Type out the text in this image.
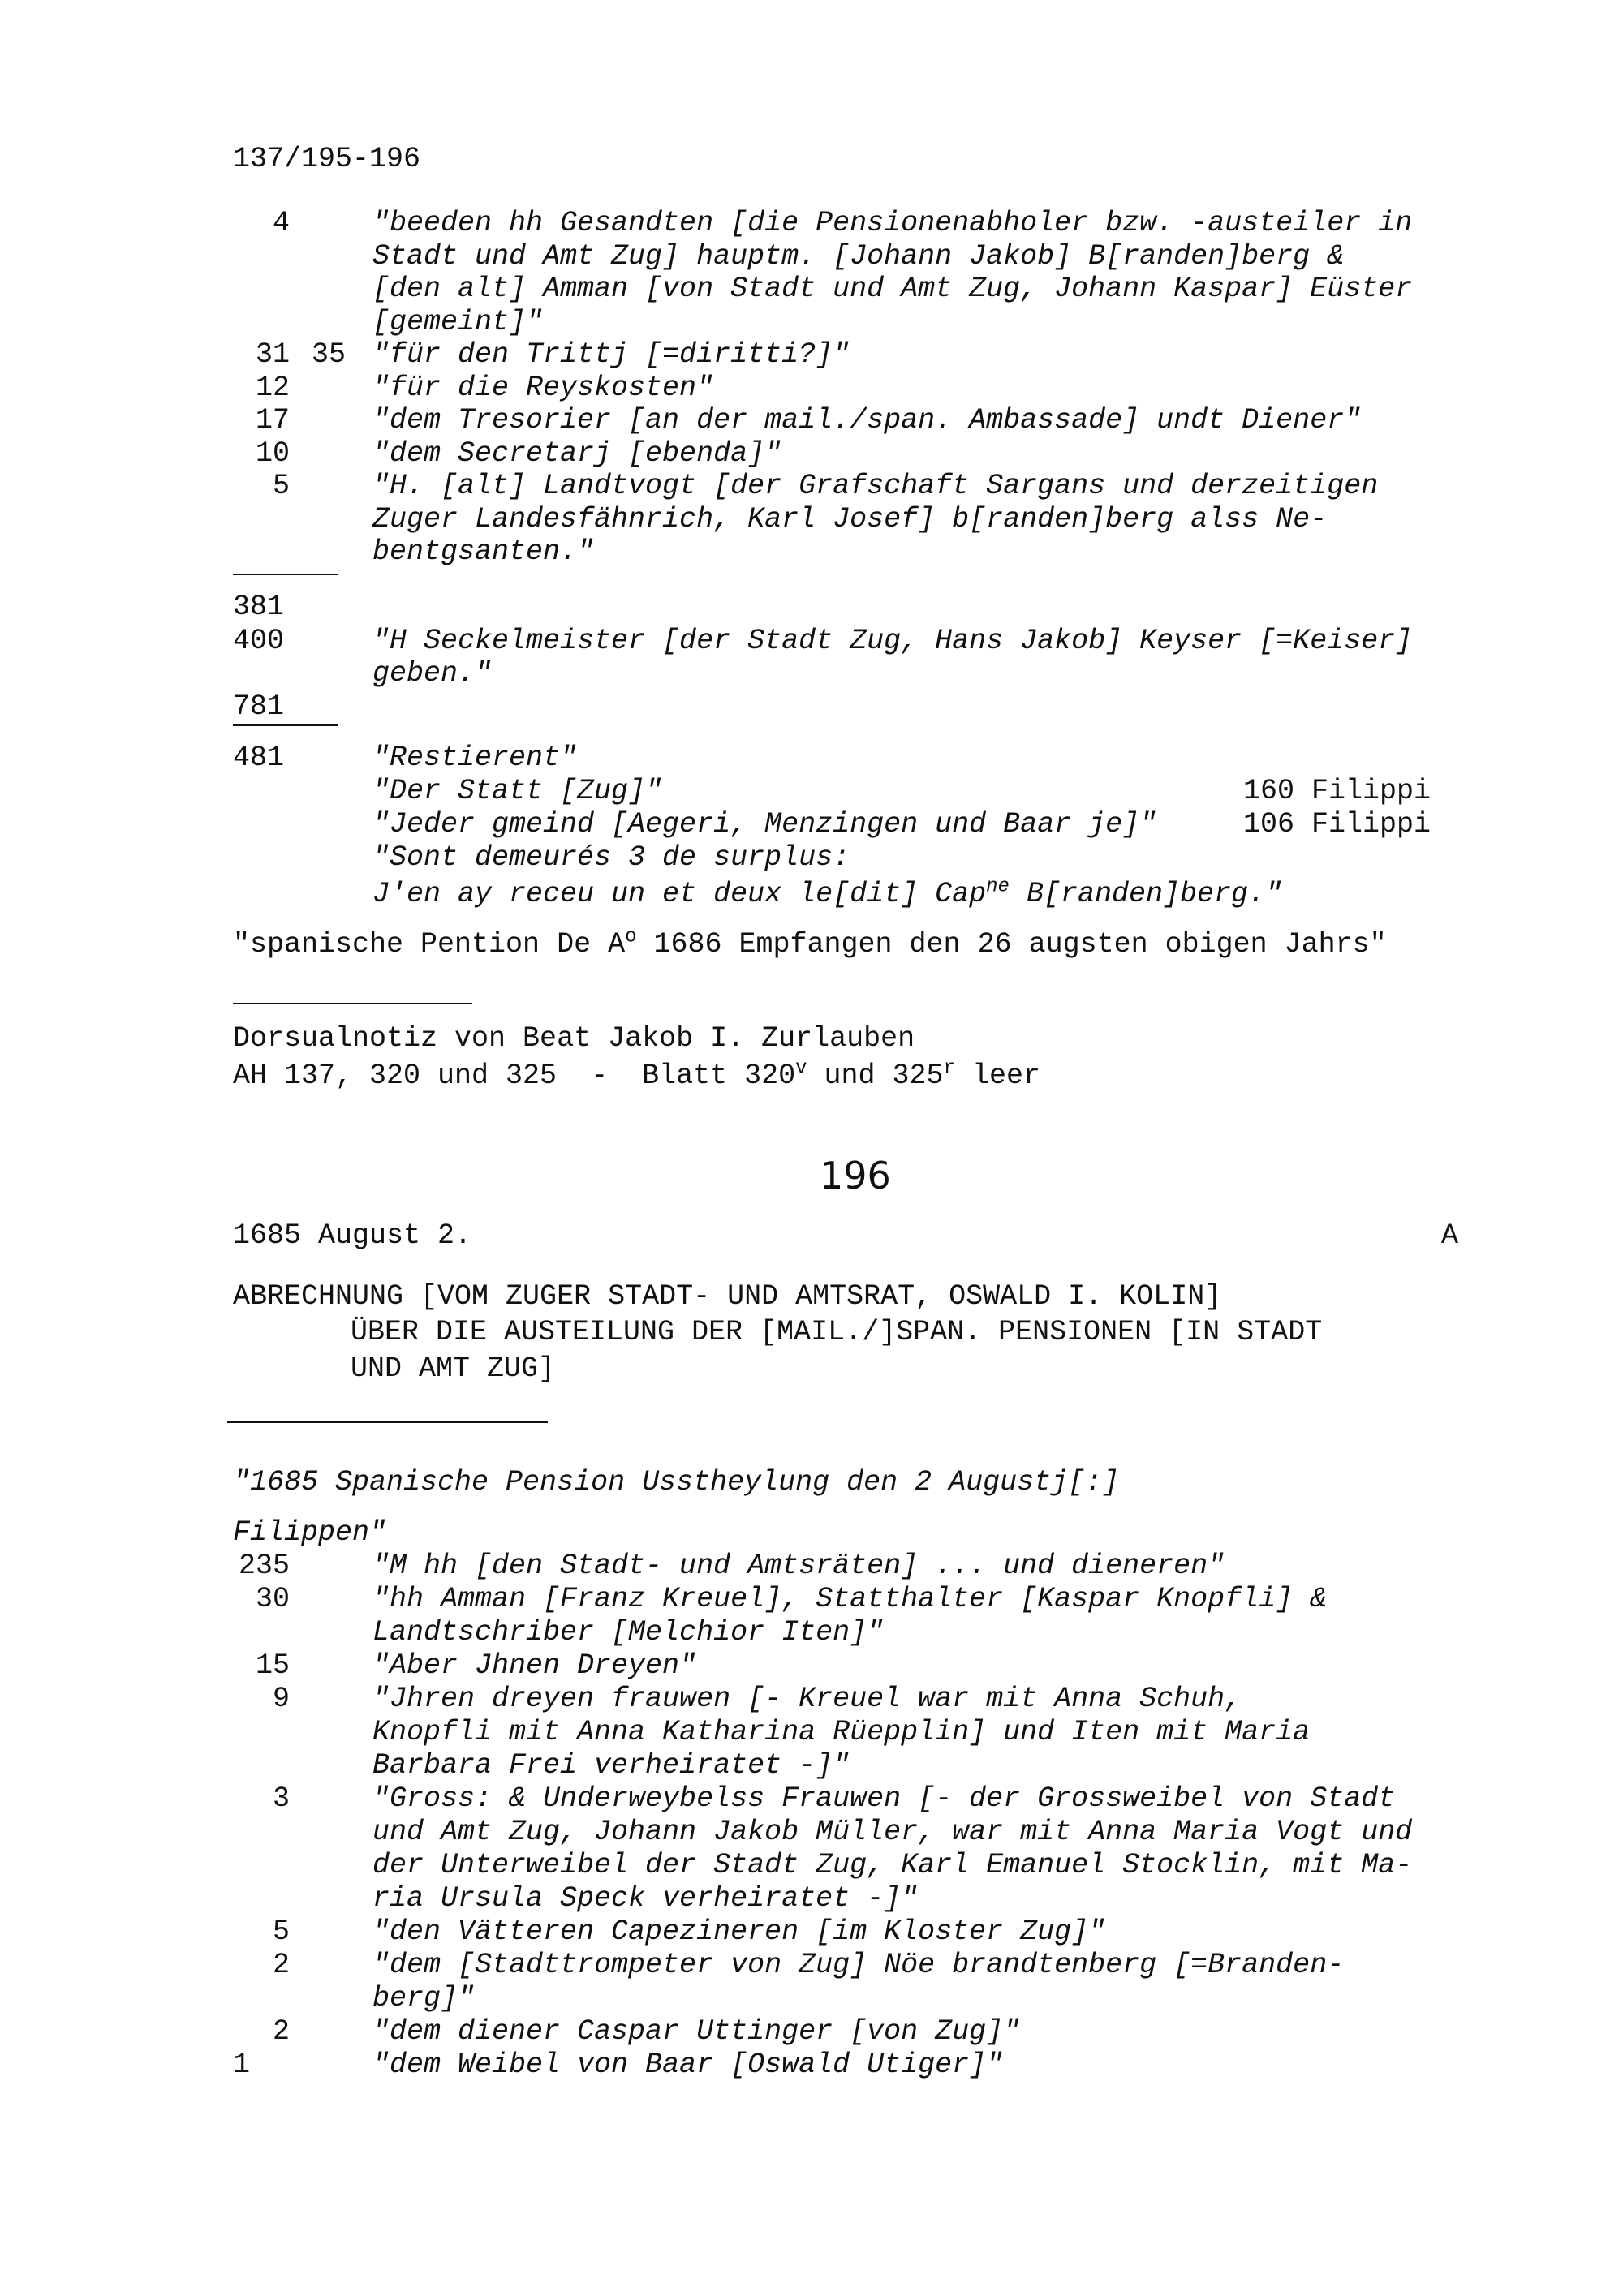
137/195-196
4	"beeden hh Gesandten [die Pensionenabholer bzw. -austeiler in
Stadt und Amt Zug] hauptm. [Johann Jakob] B[randen]berg &
[den alt] Amman [von Stadt und Amt Zug, Johann Kaspar] Eüster
[gemeint]"
31 35 "für den Trittj [=diritti?]"
12	"für die Reyskosten"
17	"dem Tresorier [an der mail./span. Ambassade] undt Diener"
10	"dem Secretarj [ebenda]"
5	"H. [alt] Landtvogt [der Grafschaft Sargans und derzeitigen
Zuger Landesfähnrich, Karl Josef] b[randen]berg alss Ne-
bentgsanten."
381
400	"H Seckelmeister [der Stadt Zug, Hans Jakob] Keyser [=Keiser]
geben."
781
481	"Restierent"
"Der Statt [Zug]"	160 Filippi
"Jeder gmeind [Aegeri, Menzingen und Baar je]"	106 Filippi
"Sont demeurés 3 de surplus:
J'en ay receu un et deux le[dit] Cap$^{ne}$ B[randen]berg."
"spanische Pention De $A^o$ 1686 Empfangen den 26 augsten obigen Jahrs"
Dorsualnotiz von Beat Jakob I. Zurlauben
AH 137, 320 und 325  -  Blatt 320$^v$ und 325$^r$ leer
196
1685 August 2.	A
ABRECHNUNG [VOM ZUGER STADT- UND AMTSRAT, OSWALD I. KOLIN]
ÜBER DIE AUSTEILUNG DER [MAIL./]SPAN. PENSIONEN [IN STADT
UND AMT ZUG]
"1685 Spanische Pension Usstheylung den 2 Augustj[:]
Filippen"
235	"M hh [den Stadt- und Amtsräten] ... und dieneren"
30	"hh Amman [Franz Kreuel], Statthalter [Kaspar Knopfli] &
Landtschriber [Melchior Iten]"
15	"Aber Jhnen Dreyen"
9	"Jhren dreyen frauwen [- Kreuel war mit Anna Schuh,
Knopfli mit Anna Katharina Rüepplin] und Iten mit Maria
Barbara Frei verheiratet -]"
3	"Gross: & Underweybelss Frauwen [- der Grossweibel von Stadt
und Amt Zug, Johann Jakob Müller, war mit Anna Maria Vogt und
der Unterweibel der Stadt Zug, Karl Emanuel Stocklin, mit Ma-
ria Ursula Speck verheiratet -]"
5	"den Vätteren Capezineren [im Kloster Zug]"
2	"dem [Stadttrompeter von Zug] Nöe brandtenberg [=Branden-
berg]"
2	"dem diener Caspar Uttinger [von Zug]"
1	"dem Weibel von Baar [Oswald Utiger]"
